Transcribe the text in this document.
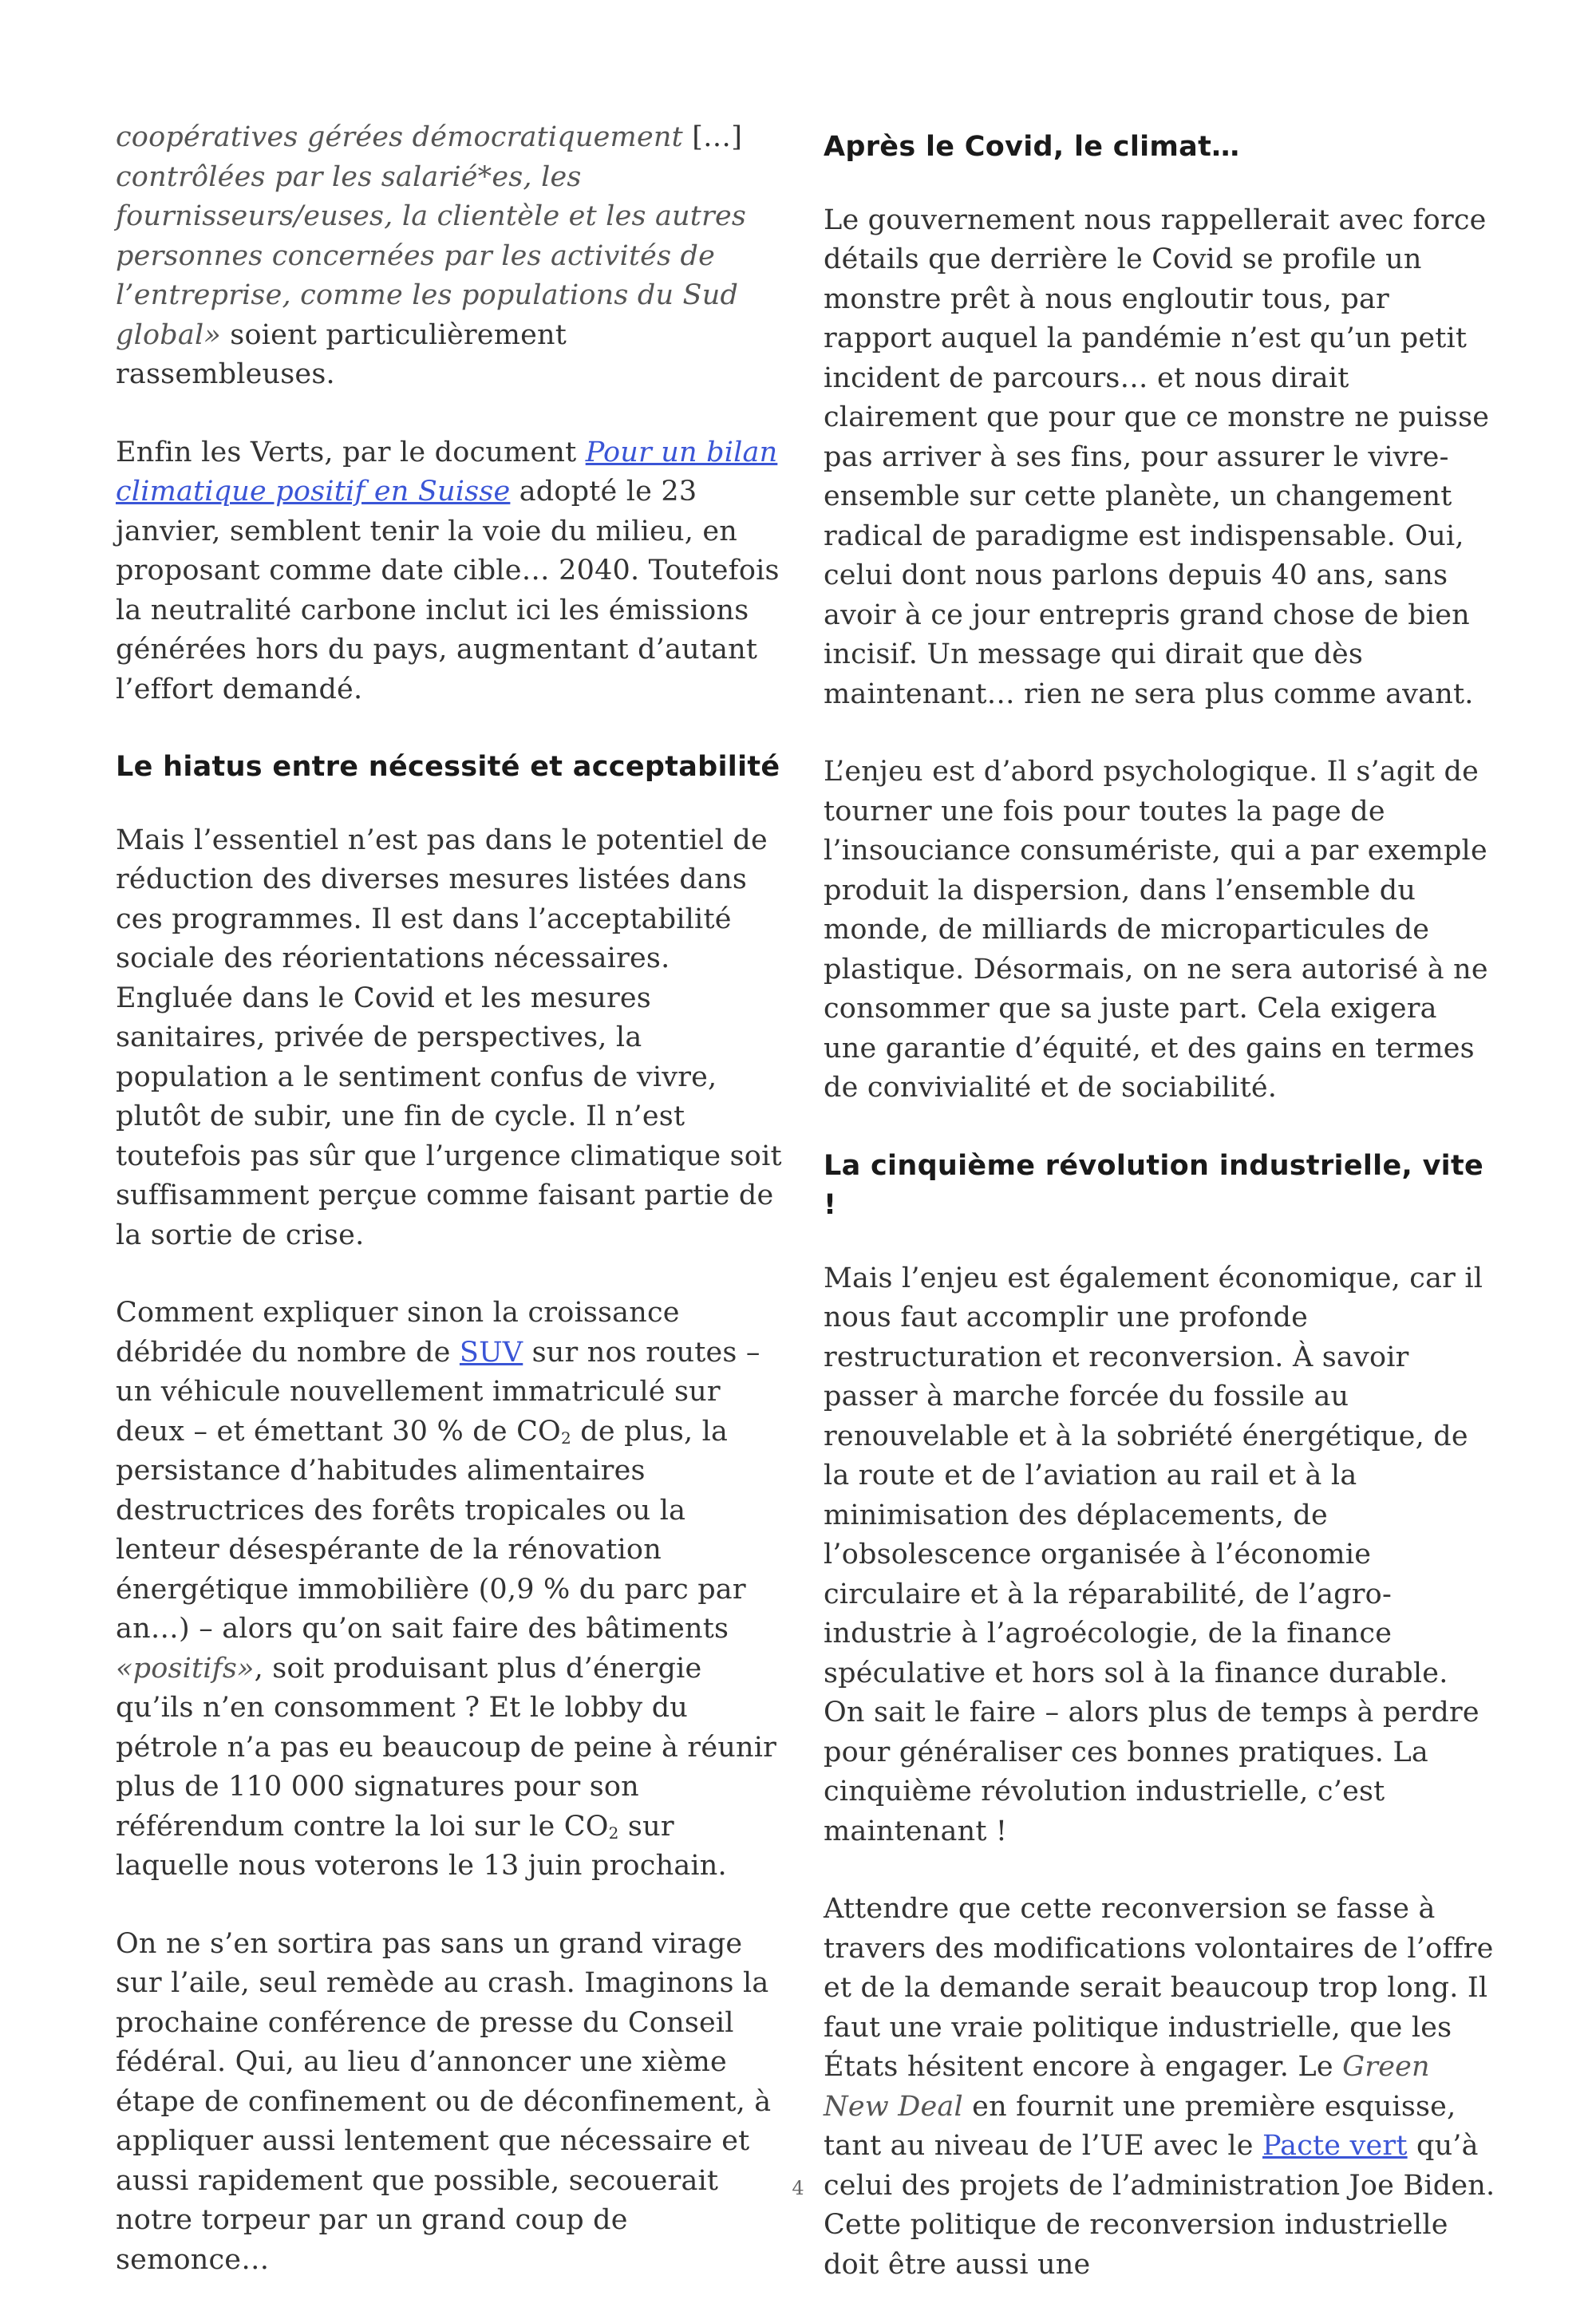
coopératives gérées démocratiquement […] contrôlées par les salarié*es, les fournisseurs/euses, la clientèle et les autres personnes concernées par les activités de l’entreprise, comme les populations du Sud global» soient particulièrement rassembleuses.

Enfin les Verts, par le document Pour un bilan climatique positif en Suisse adopté le 23 janvier, semblent tenir la voie du milieu, en proposant comme date cible… 2040. Toutefois la neutralité carbone inclut ici les émissions générées hors du pays, augmentant d’autant l’effort demandé.

Le hiatus entre nécessité et acceptabilité

Mais l’essentiel n’est pas dans le potentiel de réduction des diverses mesures listées dans ces programmes. Il est dans l’acceptabilité sociale des réorientations nécessaires. Engluée dans le Covid et les mesures sanitaires, privée de perspectives, la population a le sentiment confus de vivre, plutôt de subir, une fin de cycle. Il n’est toutefois pas sûr que l’urgence climatique soit suffisamment perçue comme faisant partie de la sortie de crise.

Comment expliquer sinon la croissance débridée du nombre de SUV sur nos routes – un véhicule nouvellement immatriculé sur deux – et émettant 30 % de $CO_2$ de plus, la persistance d’habitudes alimentaires destructrices des forêts tropicales ou la lenteur désespérante de la rénovation énergétique immobilière (0,9 % du parc par an…) – alors qu’on sait faire des bâtiments «positifs», soit produisant plus d’énergie qu’ils n’en consomment ? Et le lobby du pétrole n’a pas eu beaucoup de peine à réunir plus de 110 000 signatures pour son référendum contre la loi sur le $CO_2$ sur laquelle nous voterons le 13 juin prochain.

On ne s’en sortira pas sans un grand virage sur l’aile, seul remède au crash. Imaginons la prochaine conférence de presse du Conseil fédéral. Qui, au lieu d’annoncer une xième étape de confinement ou de déconfinement, à appliquer aussi lentement que nécessaire et aussi rapidement que possible, secouerait notre torpeur par un grand coup de semonce…

Après le Covid, le climat…

Le gouvernement nous rappellerait avec force détails que derrière le Covid se profile un monstre prêt à nous engloutir tous, par rapport auquel la pandémie n’est qu’un petit incident de parcours… et nous dirait clairement que pour que ce monstre ne puisse pas arriver à ses fins, pour assurer le vivre-ensemble sur cette planète, un changement radical de paradigme est indispensable. Oui, celui dont nous parlons depuis 40 ans, sans avoir à ce jour entrepris grand chose de bien incisif. Un message qui dirait que dès maintenant… rien ne sera plus comme avant.

L’enjeu est d’abord psychologique. Il s’agit de tourner une fois pour toutes la page de l’insouciance consumériste, qui a par exemple produit la dispersion, dans l’ensemble du monde, de milliards de microparticules de plastique. Désormais, on ne sera autorisé à ne consommer que sa juste part. Cela exigera une garantie d’équité, et des gains en termes de convivialité et de sociabilité.

La cinquième révolution industrielle, vite !

Mais l’enjeu est également économique, car il nous faut accomplir une profonde restructuration et reconversion. À savoir passer à marche forcée du fossile au renouvelable et à la sobriété énergétique, de la route et de l’aviation au rail et à la minimisation des déplacements, de l’obsolescence organisée à l’économie circulaire et à la réparabilité, de l’agro-industrie à l’agroécologie, de la finance spéculative et hors sol à la finance durable. On sait le faire – alors plus de temps à perdre pour généraliser ces bonnes pratiques. La cinquième révolution industrielle, c’est maintenant !

Attendre que cette reconversion se fasse à travers des modifications volontaires de l’offre et de la demande serait beaucoup trop long. Il faut une vraie politique industrielle, que les États hésitent encore à engager. Le Green New Deal en fournit une première esquisse, tant au niveau de l’UE avec le Pacte vert qu’à celui des projets de l’administration Joe Biden. Cette politique de reconversion industrielle doit être aussi une

4
